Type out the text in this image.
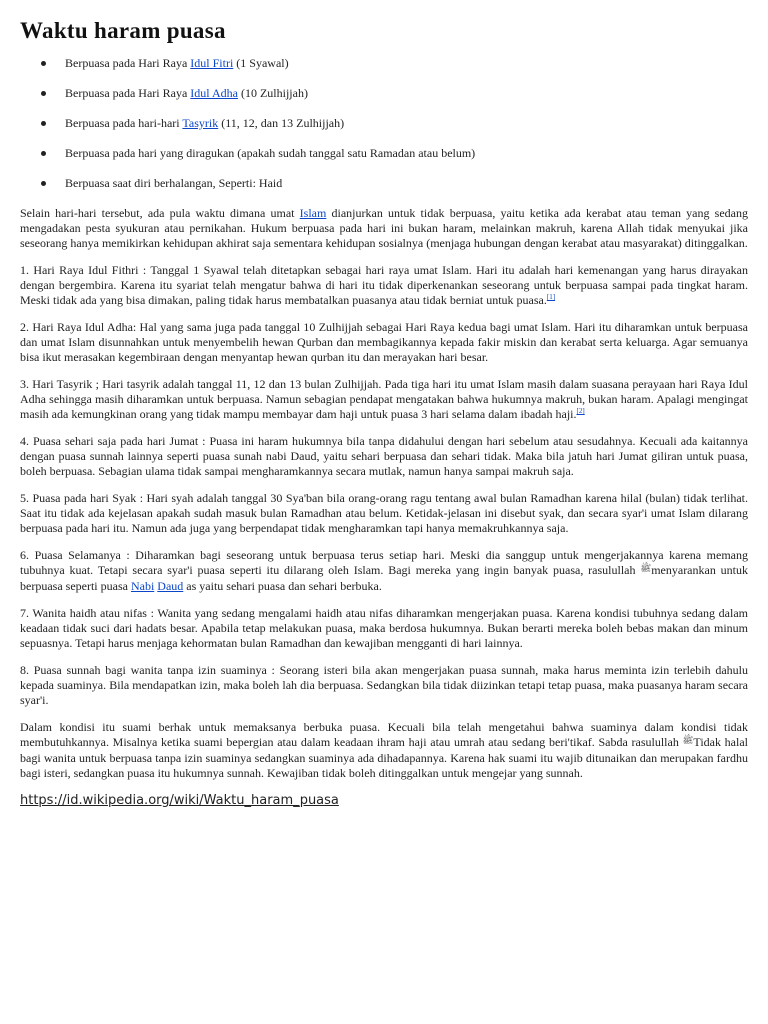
Waktu haram puasa
Berpuasa pada Hari Raya Idul Fitri (1 Syawal)
Berpuasa pada Hari Raya Idul Adha (10 Zulhijjah)
Berpuasa pada hari-hari Tasyrik (11, 12, dan 13 Zulhijjah)
Berpuasa pada hari yang diragukan (apakah sudah tanggal satu Ramadan atau belum)
Berpuasa saat diri berhalangan, Seperti: Haid

Selain hari-hari tersebut, ada pula waktu dimana umat Islam dianjurkan untuk tidak berpuasa, yaitu ketika ada kerabat atau teman yang sedang mengadakan pesta syukuran atau pernikahan. Hukum berpuasa pada hari ini bukan haram, melainkan makruh, karena Allah tidak menyukai jika seseorang hanya memikirkan kehidupan akhirat saja sementara kehidupan sosialnya (menjaga hubungan dengan kerabat atau masyarakat) ditinggalkan.

1. Hari Raya Idul Fithri : Tanggal 1 Syawal telah ditetapkan sebagai hari raya umat Islam. Hari itu adalah hari kemenangan yang harus dirayakan dengan bergembira. Karena itu syariat telah mengatur bahwa di hari itu tidak diperkenankan seseorang untuk berpuasa sampai pada tingkat haram. Meski tidak ada yang bisa dimakan, paling tidak harus membatalkan puasanya atau tidak berniat untuk puasa.[1]

2. Hari Raya Idul Adha: Hal yang sama juga pada tanggal 10 Zulhijjah sebagai Hari Raya kedua bagi umat Islam. Hari itu diharamkan untuk berpuasa dan umat Islam disunnahkan untuk menyembelih hewan Qurban dan membagikannya kepada fakir miskin dan kerabat serta keluarga. Agar semuanya bisa ikut merasakan kegembiraan dengan menyantap hewan qurban itu dan merayakan hari besar.

3. Hari Tasyrik ; Hari tasyrik adalah tanggal 11, 12 dan 13 bulan Zulhijjah. Pada tiga hari itu umat Islam masih dalam suasana perayaan hari Raya Idul Adha sehingga masih diharamkan untuk berpuasa. Namun sebagian pendapat mengatakan bahwa hukumnya makruh, bukan haram. Apalagi mengingat masih ada kemungkinan orang yang tidak mampu membayar dam haji untuk puasa 3 hari selama dalam ibadah haji.[2]

4. Puasa sehari saja pada hari Jumat : Puasa ini haram hukumnya bila tanpa didahului dengan hari sebelum atau sesudahnya. Kecuali ada kaitannya dengan puasa sunnah lainnya seperti puasa sunah nabi Daud, yaitu sehari berpuasa dan sehari tidak. Maka bila jatuh hari Jumat giliran untuk puasa, boleh berpuasa. Sebagian ulama tidak sampai mengharamkannya secara mutlak, namun hanya sampai makruh saja.

5. Puasa pada hari Syak : Hari syah adalah tanggal 30 Sya'ban bila orang-orang ragu tentang awal bulan Ramadhan karena hilal (bulan) tidak terlihat. Saat itu tidak ada kejelasan apakah sudah masuk bulan Ramadhan atau belum. Ketidak-jelasan ini disebut syak, dan secara syar'i umat Islam dilarang berpuasa pada hari itu. Namun ada juga yang berpendapat tidak mengharamkan tapi hanya memakruhkannya saja.

6. Puasa Selamanya : Diharamkan bagi seseorang untuk berpuasa terus setiap hari. Meski dia sanggup untuk mengerjakannya karena memang tubuhnya kuat. Tetapi secara syar'i puasa seperti itu dilarang oleh Islam. Bagi mereka yang ingin banyak puasa, rasulullah ﷺmenyarankan untuk berpuasa seperti puasa Nabi Daud as yaitu sehari puasa dan sehari berbuka.

7. Wanita haidh atau nifas : Wanita yang sedang mengalami haidh atau nifas diharamkan mengerjakan puasa. Karena kondisi tubuhnya sedang dalam keadaan tidak suci dari hadats besar. Apabila tetap melakukan puasa, maka berdosa hukumnya. Bukan berarti mereka boleh bebas makan dan minum sepuasnya. Tetapi harus menjaga kehormatan bulan Ramadhan dan kewajiban mengganti di hari lainnya.

8. Puasa sunnah bagi wanita tanpa izin suaminya : Seorang isteri bila akan mengerjakan puasa sunnah, maka harus meminta izin terlebih dahulu kepada suaminya. Bila mendapatkan izin, maka boleh lah dia berpuasa. Sedangkan bila tidak diizinkan tetapi tetap puasa, maka puasanya haram secara syar'i.

Dalam kondisi itu suami berhak untuk memaksanya berbuka puasa. Kecuali bila telah mengetahui bahwa suaminya dalam kondisi tidak membutuhkannya. Misalnya ketika suami bepergian atau dalam keadaan ihram haji atau umrah atau sedang beri'tikaf. Sabda rasulullah ﷺTidak halal bagi wanita untuk berpuasa tanpa izin suaminya sedangkan suaminya ada dihadapannya. Karena hak suami itu wajib ditunaikan dan merupakan fardhu bagi isteri, sedangkan puasa itu hukumnya sunnah. Kewajiban tidak boleh ditinggalkan untuk mengejar yang sunnah.

https://id.wikipedia.org/wiki/Waktu_haram_puasa
